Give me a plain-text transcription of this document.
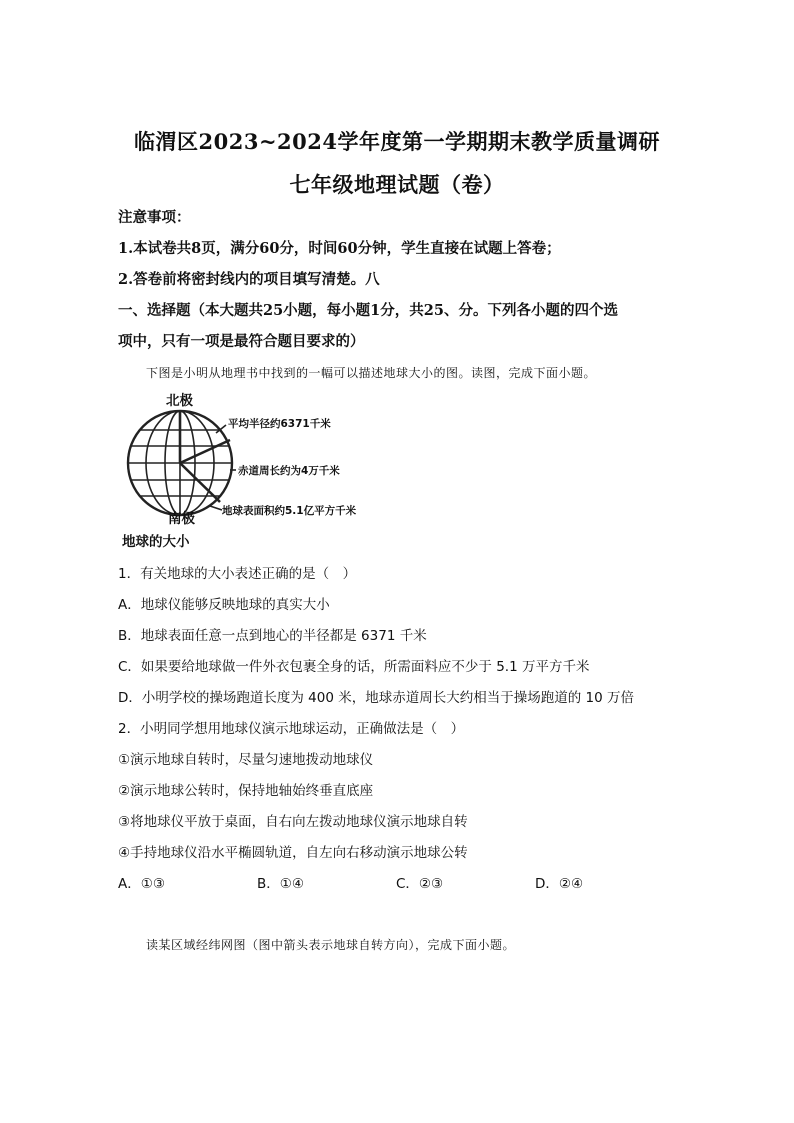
临渭区2023~2024学年度第一学期期末教学质量调研
七年级地理试题（卷）
注意事项：
1.本试卷共8页，满分60分，时间60分钟，学生直接在试题上答卷；
2.答卷前将密封线内的项目填写清楚。八
一、选择题（本大题共25小题，每小题1分，共25、分。下列各小题的四个选
项中，只有一项是最符合题目要求的）
下图是小明从地理书中找到的一幅可以描述地球大小的图。读图，完成下面小题。
北极
南极
平均半径约6371千米
赤道周长约为4万千米
地球表面积约5.1亿平方千米
地球的大小
1．有关地球的大小表述正确的是（　）
A．地球仪能够反映地球的真实大小
B．地球表面任意一点到地心的半径都是 6371 千米
C．如果要给地球做一件外衣包裹全身的话，所需面料应不少于 5.1 万平方千米
D．小明学校的操场跑道长度为 400 米，地球赤道周长大约相当于操场跑道的 10 万倍
2．小明同学想用地球仪演示地球运动，正确做法是（　）
①演示地球自转时，尽量匀速地拨动地球仪
②演示地球公转时，保持地轴始终垂直底座
③将地球仪平放于桌面，自右向左拨动地球仪演示地球自转
④手持地球仪沿水平椭圆轨道，自左向右移动演示地球公转
A．①③	B．①④	C．②③	D．②④
读某区域经纬网图（图中箭头表示地球自转方向），完成下面小题。
